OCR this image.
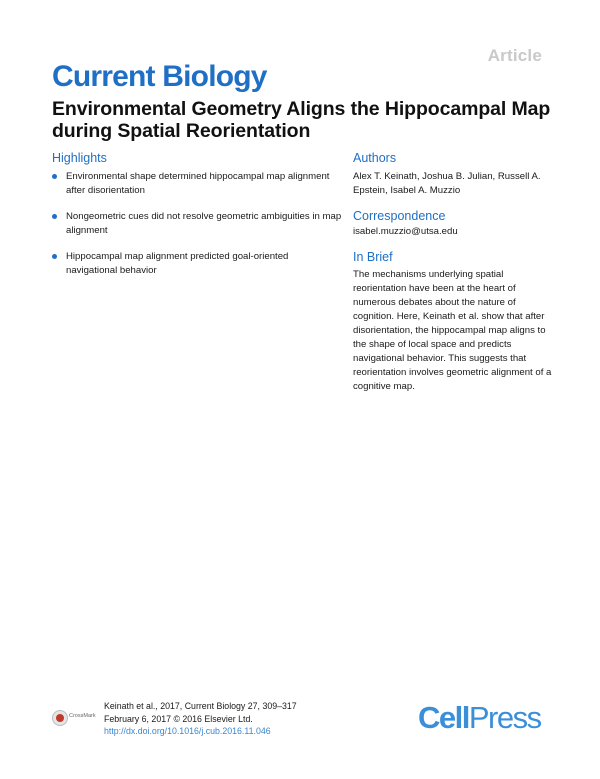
Article
Current Biology
Environmental Geometry Aligns the Hippocampal Map during Spatial Reorientation
Highlights
Environmental shape determined hippocampal map alignment after disorientation
Nongeometric cues did not resolve geometric ambiguities in map alignment
Hippocampal map alignment predicted goal-oriented navigational behavior
Authors
Alex T. Keinath, Joshua B. Julian, Russell A. Epstein, Isabel A. Muzzio
Correspondence
isabel.muzzio@utsa.edu
In Brief
The mechanisms underlying spatial reorientation have been at the heart of numerous debates about the nature of cognition. Here, Keinath et al. show that after disorientation, the hippocampal map aligns to the shape of local space and predicts navigational behavior. This suggests that reorientation involves geometric alignment of a cognitive map.
CrossMark
Keinath et al., 2017, Current Biology 27, 309–317
February 6, 2017 © 2016 Elsevier Ltd.
http://dx.doi.org/10.1016/j.cub.2016.11.046	CellPress
